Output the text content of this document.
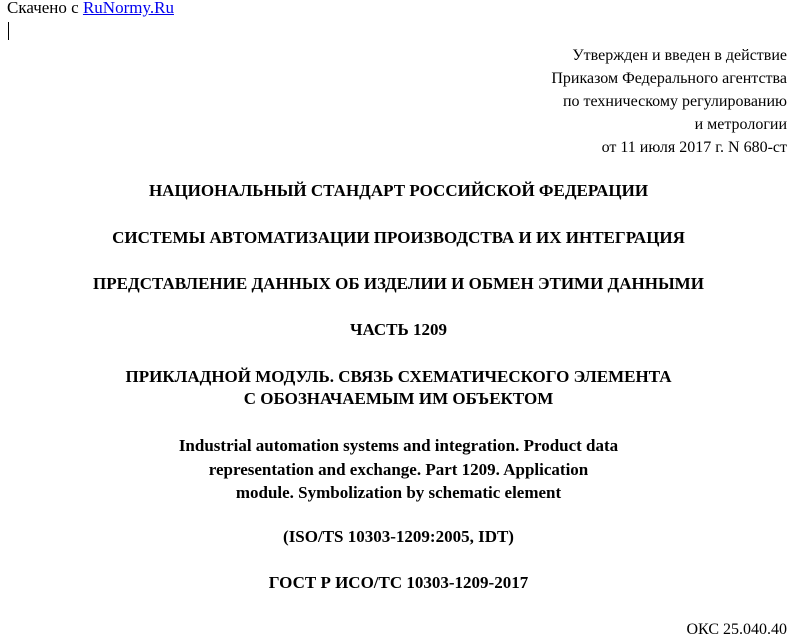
Скачено с RuNormy.Ru
Утвержден и введен в действие
Приказом Федерального агентства
по техническому регулированию
и метрологии
от 11 июля 2017 г. N 680-ст
НАЦИОНАЛЬНЫЙ СТАНДАРТ РОССИЙСКОЙ ФЕДЕРАЦИИ
СИСТЕМЫ АВТОМАТИЗАЦИИ ПРОИЗВОДСТВА И ИХ ИНТЕГРАЦИЯ
ПРЕДСТАВЛЕНИЕ ДАННЫХ ОБ ИЗДЕЛИИ И ОБМЕН ЭТИМИ ДАННЫМИ
ЧАСТЬ 1209
ПРИКЛАДНОЙ МОДУЛЬ. СВЯЗЬ СХЕМАТИЧЕСКОГО ЭЛЕМЕНТА
С ОБОЗНАЧАЕМЫМ ИМ ОБЪЕКТОМ
Industrial automation systems and integration. Product data
representation and exchange. Part 1209. Application
module. Symbolization by schematic element
(ISO/TS 10303-1209:2005, IDT)
ГОСТ Р ИСО/ТС 10303-1209-2017
ОКС 25.040.40
